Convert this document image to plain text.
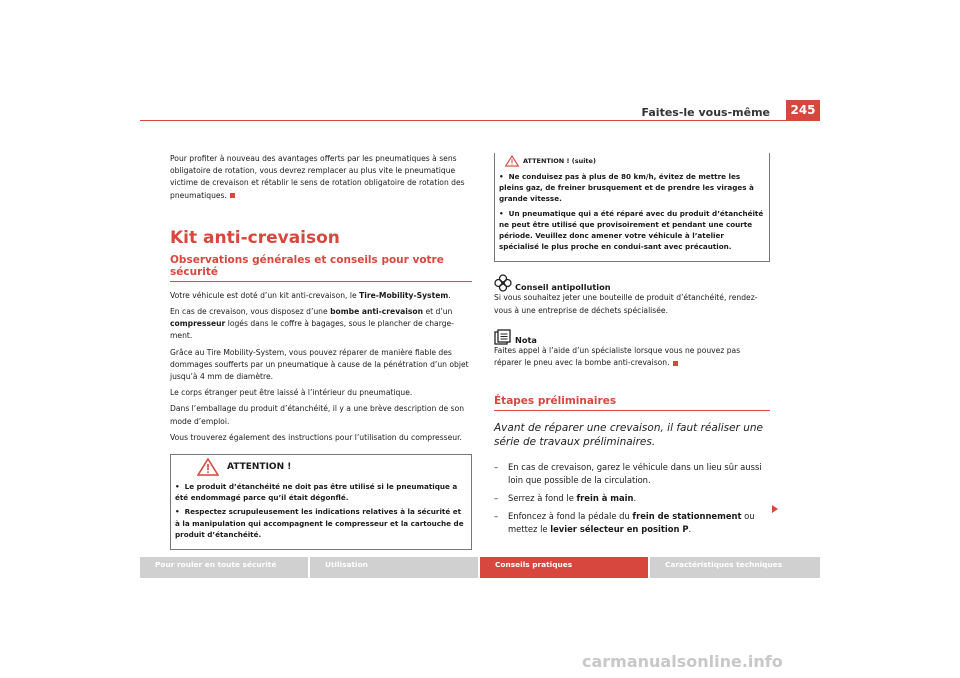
Faites-le vous-même	245

Pour profiter à nouveau des avantages offerts par les pneumatiques à sens obligatoire de rotation, vous devrez remplacer au plus vite le pneumatique victime de crevaison et rétablir le sens de rotation obligatoire de rotation des pneumatiques.

Kit anti-crevaison
Observations générales et conseils pour votre sécurité

Votre véhicule est doté d’un kit anti-crevaison, le Tire-Mobility-System.

En cas de crevaison, vous disposez d’une bombe anti-crevaison et d’un compresseur logés dans le coffre à bagages, sous le plancher de charge-ment.

Grâce au Tire Mobility-System, vous pouvez réparer de manière fiable des dommages soufferts par un pneumatique à cause de la pénétration d’un objet jusqu’à 4 mm de diamètre.

Le corps étranger peut être laissé à l’intérieur du pneumatique.

Dans l’emballage du produit d’étanchéité, il y a une brève description de son mode d’emploi.

Vous trouverez également des instructions pour l’utilisation du compresseur.

ATTENTION !

• Le produit d’étanchéité ne doit pas être utilisé si le pneumatique a été endommagé parce qu’il était dégonflé.

• Respectez scrupuleusement les indications relatives à la sécurité et à la manipulation qui accompagnent le compresseur et la cartouche de produit d’étanchéité.

ATTENTION ! (suite)

• Ne conduisez pas à plus de 80 km/h, évitez de mettre les pleins gaz, de freiner brusquement et de prendre les virages à grande vitesse.

• Un pneumatique qui a été réparé avec du produit d’étanchéité ne peut être utilisé que provisoirement et pendant une courte période. Veuillez donc amener votre véhicule à l’atelier spécialisé le plus proche en condui-sant avec précaution.

Conseil antipollution

Si vous souhaitez jeter une bouteille de produit d’étanchéité, rendez-vous à une entreprise de déchets spécialisée.

Nota

Faites appel à l’aide d’un spécialiste lorsque vous ne pouvez pas réparer le pneu avec la bombe anti-crevaison.

Étapes préliminaires

Avant de réparer une crevaison, il faut réaliser une série de travaux préliminaires.

–	En cas de crevaison, garez le véhicule dans un lieu sûr aussi loin que possible de la circulation.
–	Serrez à fond le frein à main.
–	Enfoncez à fond la pédale du frein de stationnement ou mettez le levier sélecteur en position P.
Pour rouler en toute sécurité	Utilisation	Conseils pratiques	Caractéristiques techniques
carmanualsonline.info
